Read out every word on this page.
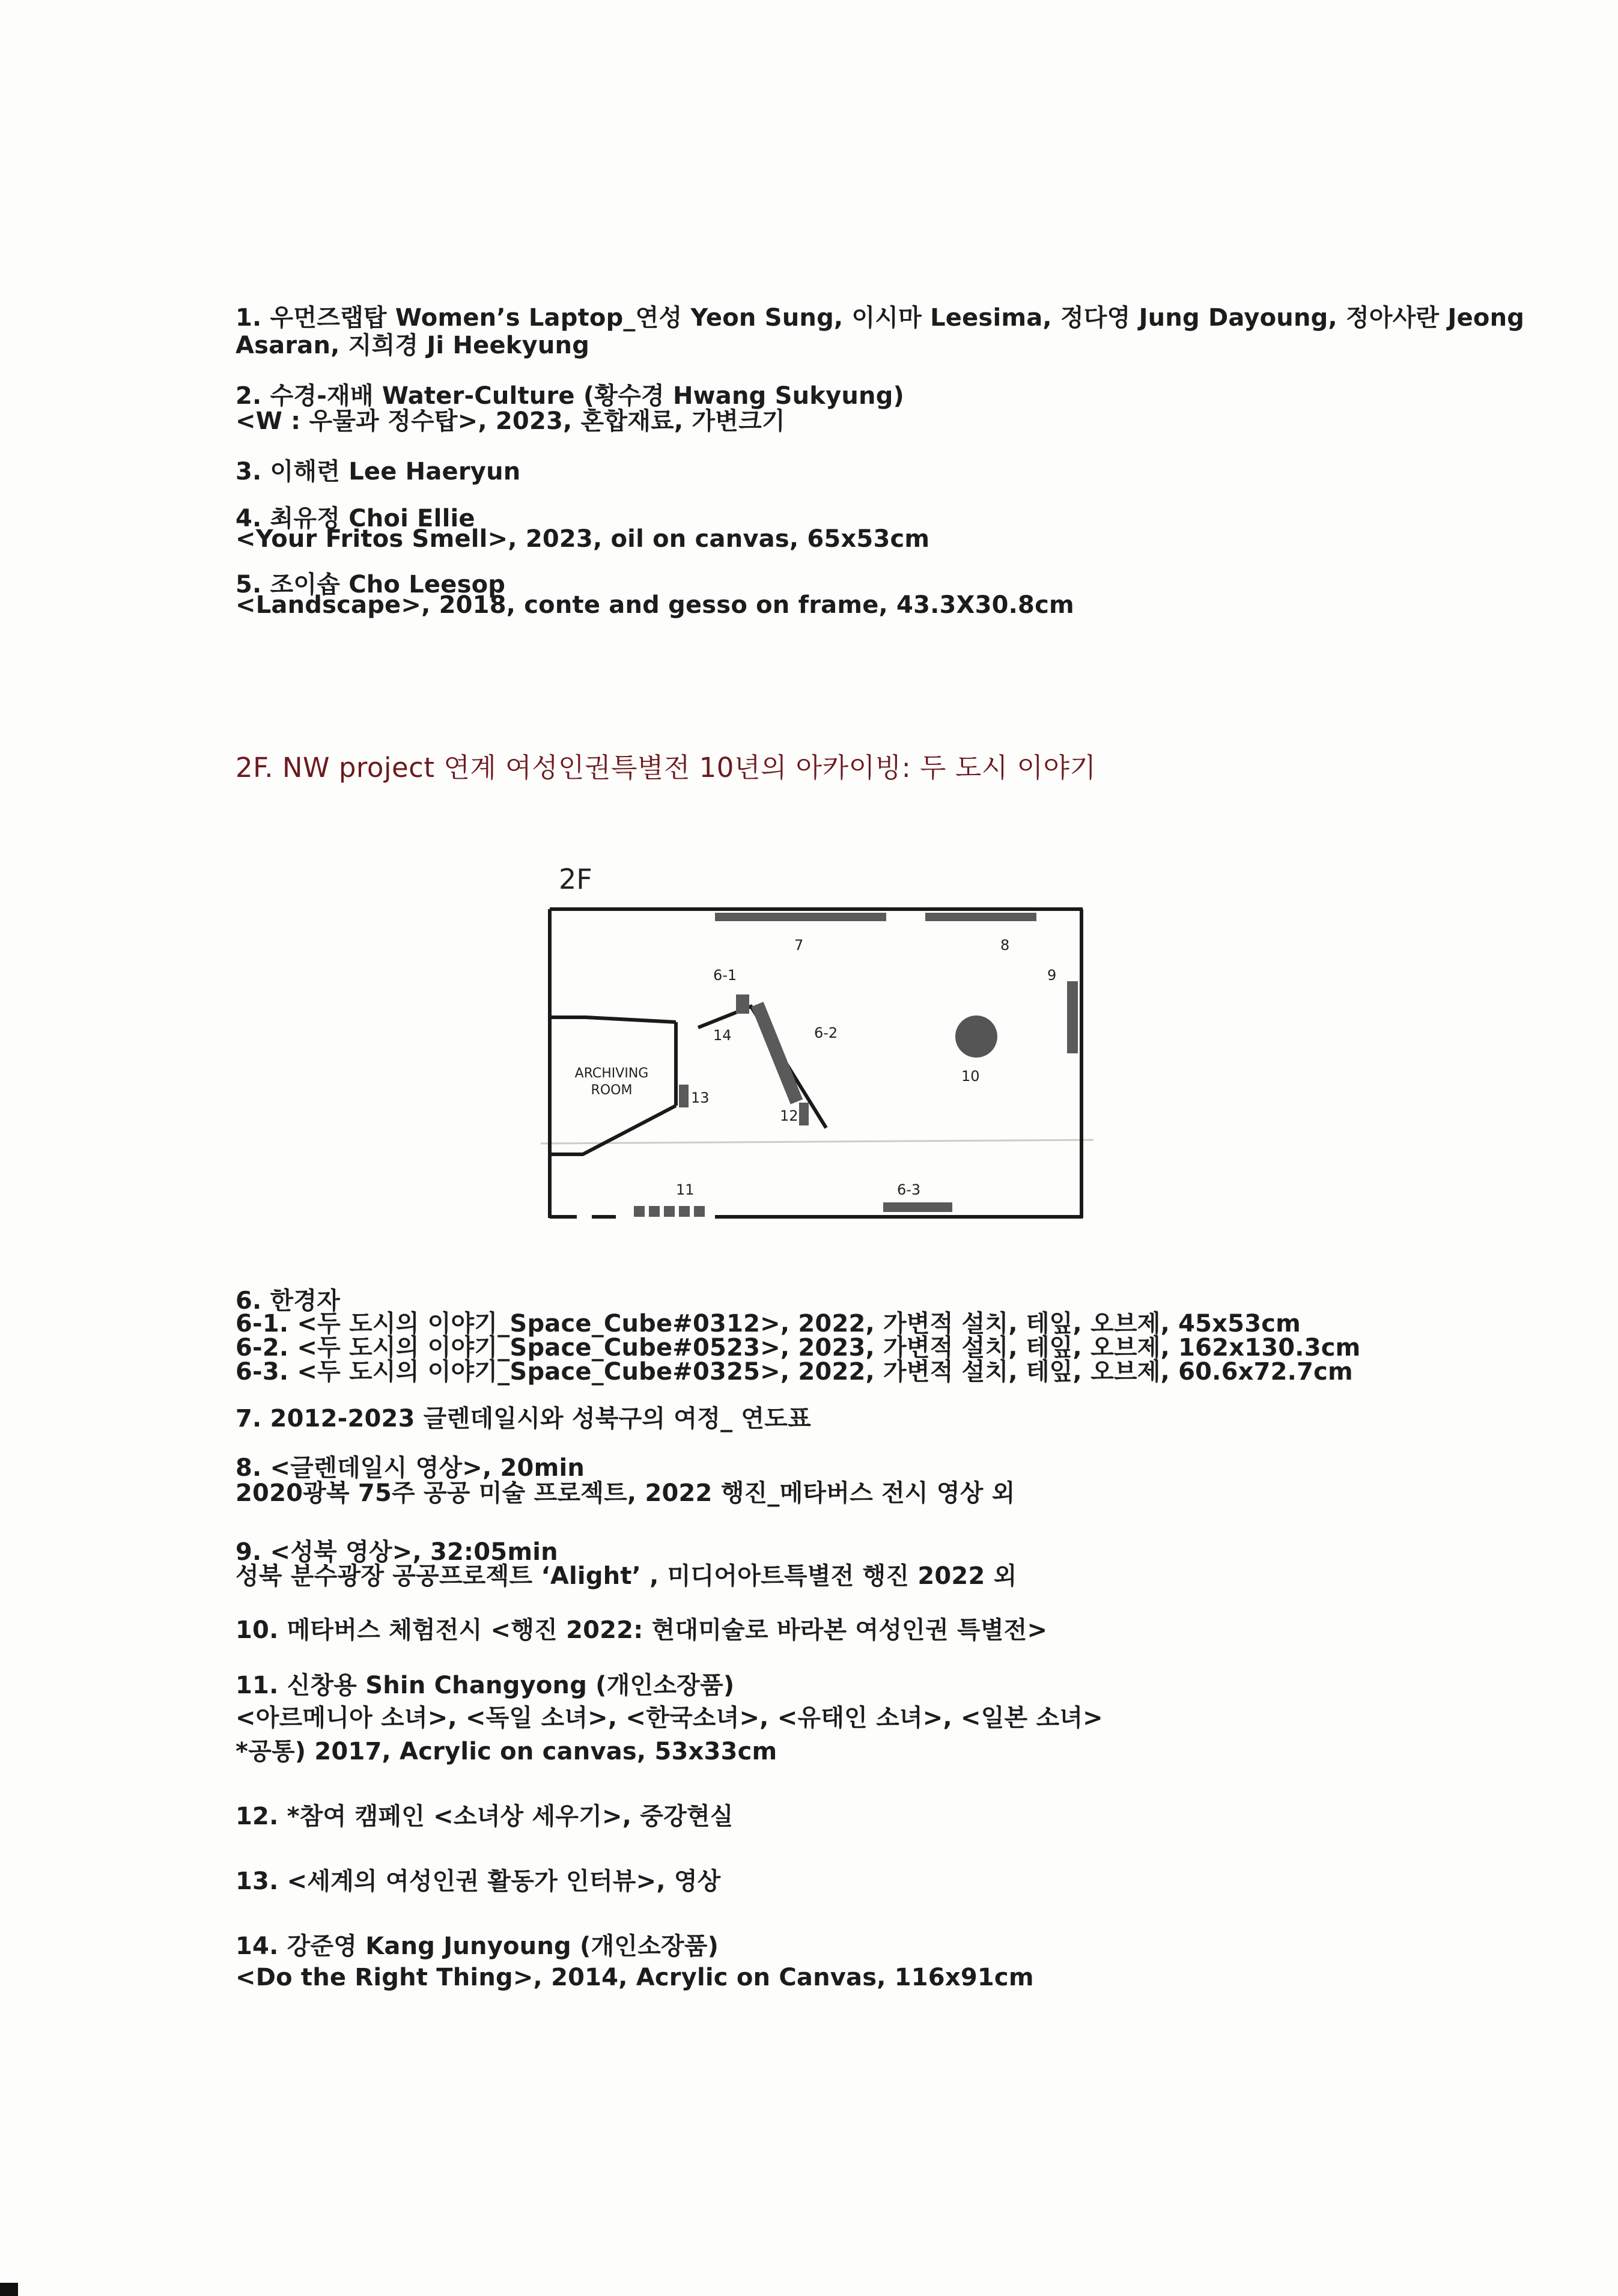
1. 우먼즈랩탑 Women’s Laptop_연성 Yeon Sung, 이시마 Leesima, 정다영 Jung Dayoung, 정아사란 Jeong
Asaran, 지희경 Ji Heekyung
2. 수경-재배 Water-Culture (황수경 Hwang Sukyung)
<W : 우물과 정수탑>, 2023, 혼합재료, 가변크기
3. 이해련 Lee Haeryun
4. 최유정 Choi Ellie
<Your Fritos Smell>, 2023, oil on canvas, 65x53cm
5. 조이솝 Cho Leesop
<Landscape>, 2018, conte and gesso on frame, 43.3X30.8cm
2F. NW project 연계 여성인권특별전 10년의 아카이빙: 두 도시 이야기
2F
ARCHIVING
ROOM
7	8
9
6-1
14	6-2
10
13
12
11	6-3
6. 한경자
6-1. <두 도시의 이야기_Space_Cube#0312>, 2022, 가변적 설치, 테잎, 오브제, 45x53cm
6-2. <두 도시의 이야기_Space_Cube#0523>, 2023, 가변적 설치, 테잎, 오브제, 162x130.3cm
6-3. <두 도시의 이야기_Space_Cube#0325>, 2022, 가변적 설치, 테잎, 오브제, 60.6x72.7cm
7. 2012-2023 글렌데일시와 성북구의 여정_ 연도표
8. <글렌데일시 영상>, 20min
2020광복 75주 공공 미술 프로젝트, 2022 행진_메타버스 전시 영상 외
9. <성북 영상>, 32:05min
성북 분수광장 공공프로젝트 ‘Alight’ , 미디어아트특별전 행진 2022 외
10. 메타버스 체험전시 <행진 2022: 현대미술로 바라본 여성인권 특별전>
11. 신창용 Shin Changyong (개인소장품)
<아르메니아 소녀>, <독일 소녀>, <한국소녀>, <유태인 소녀>, <일본 소녀>
*공통) 2017, Acrylic on canvas, 53x33cm
12. *참여 캠페인 <소녀상 세우기>, 중강현실
13. <세계의 여성인권 활동가 인터뷰>, 영상
14. 강준영 Kang Junyoung (개인소장품)
<Do the Right Thing>, 2014, Acrylic on Canvas, 116x91cm
